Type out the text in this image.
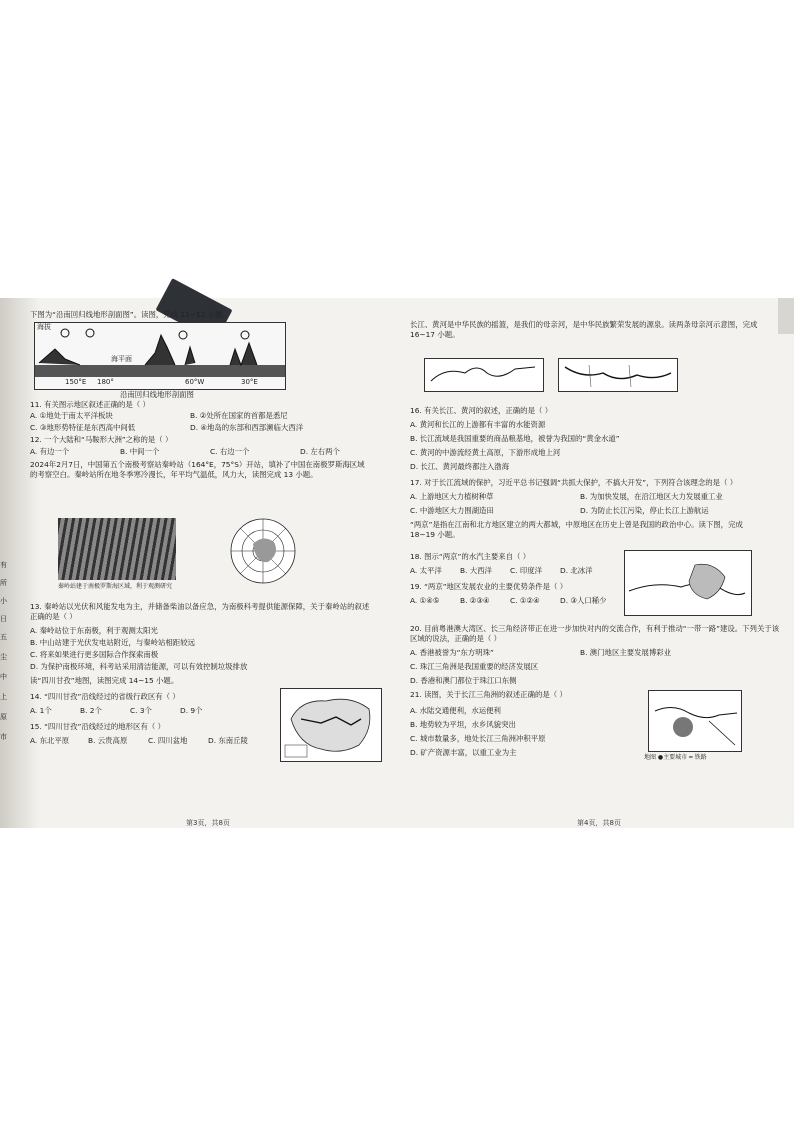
有
所
小
日
五
尘
中
上
原
市
下图为“沿南回归线地形剖面图”。读图，完成 11~12 小题。
海拔
海平面
150°E 180°	60°W	30°E
沿南回归线地形剖面图
11. 有关图示地区叙述正确的是（ ）
A. ①地处于南太平洋板块	B. ②处所在国家的首都是悉尼
C. ③地形势特征是东西高中间低	D. ④地岛的东部和西部濒临大西洋
12. 一个大陆和“马鞍形大洲”之称的是（ ）
A. 有边一个	B. 中间一个	C. 右边一个	D. 左右两个
2024年2月7日，中国第五个南极考察站秦岭站（164°E，75°S）开站，填补了中国在南极罗斯海区域的考察空白。秦岭站所在地冬季寒冷漫长，年平均气温低，风力大，读图完成 13 小题。
秦岭站建于南极罗斯海区域，利于观测研究
13. 秦岭站以光伏和风能发电为主，并储备柴油以备应急，为南极科考提供能源保障，关于秦岭站的叙述正确的是（ ）
A. 秦岭站位于东南极，利于观测太阳光
B. 中山站建于光伏发电站附近，与秦岭站相距较远
C. 将来如果进行更多国际合作探索南极
D. 为保护南极环境，科考站采用清洁能源，可以有效控制垃圾排放
读“四川甘孜”地图，读图完成 14~15 小题。
14. “四川甘孜”沿线经过的省级行政区有（ ）
A. 1个	B. 2个	C. 3个	D. 9个
15. “四川甘孜”沿线经过的地形区有（ ）
A. 东北平原	B. 云贵高原	C. 四川盆地	D. 东南丘陵
长江、黄河是中华民族的摇篮，是我们的母亲河，是中华民族繁荣发展的源泉。读两条母亲河示意图，完成 16~17 小题。
16. 有关长江、黄河的叙述，正确的是（ ）
A. 黄河和长江的上游都有丰富的水能资源
B. 长江流域是我国重要的商品粮基地，被誉为我国的“黄金水道”
C. 黄河的中游流经黄土高原，下游形成地上河
D. 长江、黄河最终都注入渤海
17. 对于长江流域的保护，习近平总书记强调“共抓大保护，不搞大开发”，下列符合该理念的是（ ）
A. 上游地区大力植树种草	B. 为加快发展，在沿江地区大力发展重工业
C. 中游地区大力围湖造田	D. 为防止长江污染，停止长江上游航运
“两京”是指在江南和北方地区建立的两大都城，中原地区在历史上曾是我国的政治中心。读下图，完成 18~19 小题。
18. 图示“两京”的水汽主要来自（ ）
A. 太平洋 B. 大西洋 C. 印度洋 D. 北冰洋
19. “两京”地区发展农业的主要优势条件是（ ）
A. ①④⑤	B. ②③④	C. ①②④	D. ③人口稀少
20. 目前粤港澳大湾区、长三角经济带正在进一步加快对内的交流合作，有利于推动“一带一路”建设。下列关于该区域的说法，正确的是（ ）
A. 香港被誉为“东方明珠”	B. 澳门地区主要发展博彩业
C. 珠江三角洲是我国重要的经济发展区
D. 香港和澳门都位于珠江口东侧
21. 读图，关于长江三角洲的叙述正确的是（ ）
A. 水陆交通便利，水运便利
B. 地势较为平坦，水乡风貌突出
C. 城市数量多，地处长江三角洲冲积平原
D. 矿产资源丰富，以重工业为主
地图 ●主要城市 ━ 铁路
第3页，共8页	第4页，共8页
